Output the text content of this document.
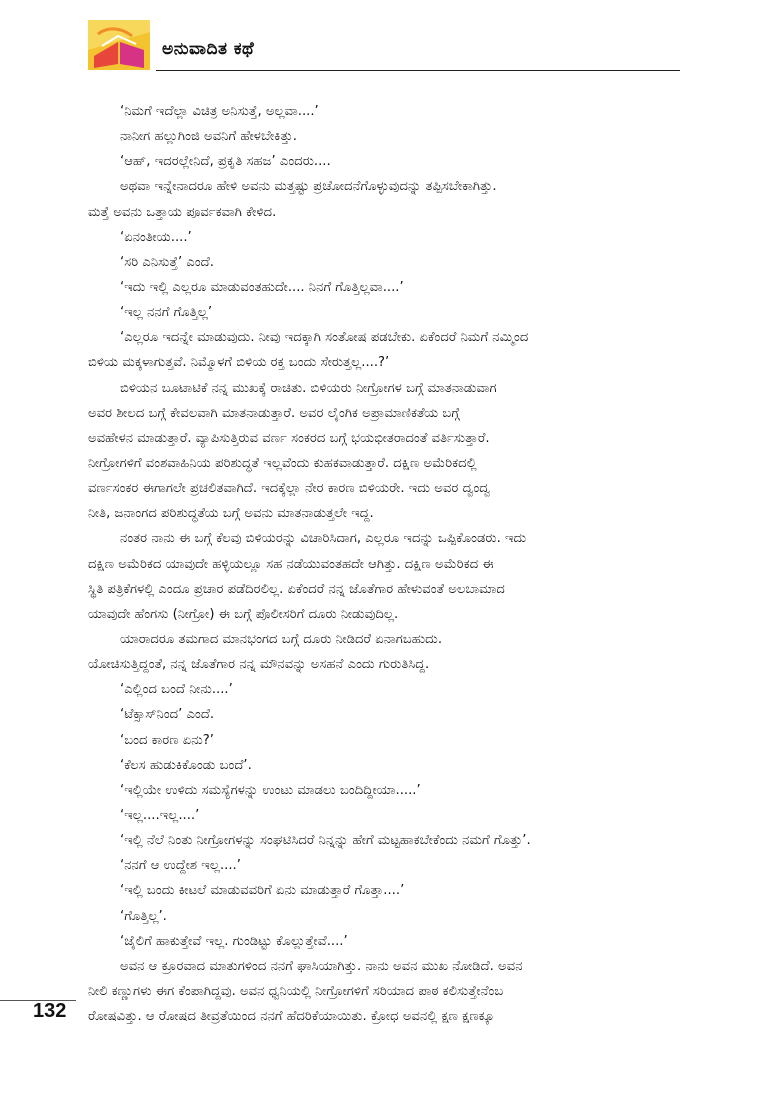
ಅನುವಾದಿತ ಕಥೆ
‘ನಿಮಗೆ ಇದೆಲ್ಲಾ ವಿಚಿತ್ರ ಅನಿಸುತ್ತೆ, ಅಲ್ಲವಾ....’
ನಾನೀಗ ಹಲ್ಲುಗಿಂಜಿ ಅವನಿಗೆ ಹೇಳಬೇಕಿತ್ತು.
‘ಆಹ್, ಇದರಲ್ಲೇನಿದೆ, ಪ್ರಕೃತಿ ಸಹಜ’ ಎಂದರು....
ಅಥವಾ ಇನ್ನೇನಾದರೂ ಹೇಳಿ ಅವನು ಮತ್ತಷ್ಟು ಪ್ರಚೋದನೆಗೊಳ್ಳುವುದನ್ನು ತಪ್ಪಿಸಬೇಕಾಗಿತ್ತು.
ಮತ್ತೆ ಅವನು ಒತ್ತಾಯ ಪೂರ್ವಕವಾಗಿ ಕೇಳಿದ.
‘ಏನಂತೀಯ....’
‘ಸರಿ ಎನಿಸುತ್ತೆ’ ಎಂದೆ.
‘ಇದು ಇಲ್ಲಿ ಎಲ್ಲರೂ ಮಾಡುವಂತಹುದೇ.... ನಿನಗೆ ಗೊತ್ತಿಲ್ಲವಾ....’
‘ಇಲ್ಲ ನನಗೆ ಗೊತ್ತಿಲ್ಲ’
‘ಎಲ್ಲರೂ ಇದನ್ನೇ ಮಾಡುವುದು. ನೀವು ಇದಕ್ಕಾಗಿ ಸಂತೋಷ ಪಡಬೇಕು. ಏಕೆಂದರೆ ನಿಮಗೆ ನಮ್ಮಿಂದ
ಬಿಳಿಯ ಮಕ್ಕಳಾಗುತ್ತವೆ. ನಿಮ್ಮೊಳಗೆ ಬಿಳಿಯ ರಕ್ತ ಬಂದು ಸೇರುತ್ತಲ್ಲ....?’
ಬಿಳಿಯನ ಬೂಟಾಟಿಕೆ ನನ್ನ ಮುಖಕ್ಕೆ ರಾಚಿತು. ಬಿಳಿಯರು ನೀಗ್ರೋಗಳ ಬಗ್ಗೆ ಮಾತನಾಡುವಾಗ
ಅವರ ಶೀಲದ ಬಗ್ಗೆ ಕೇವಲವಾಗಿ ಮಾತನಾಡುತ್ತಾರೆ. ಅವರ ಲೈಂಗಿಕ ಅಪ್ರಾಮಾಣಿಕತೆಯ ಬಗ್ಗೆ
ಅವಹೇಳನ ಮಾಡುತ್ತಾರೆ. ವ್ಯಾಪಿಸುತ್ತಿರುವ ವರ್ಣ ಸಂಕರದ ಬಗ್ಗೆ ಭಯಭೀತರಾದಂತೆ ವರ್ತಿಸುತ್ತಾರೆ.
ನೀಗ್ರೋಗಳಿಗೆ ವಂಶವಾಹಿನಿಯ ಪರಿಶುದ್ಧತೆ ಇಲ್ಲವೆಂದು ಕುಹಕವಾಡುತ್ತಾರೆ. ದಕ್ಷಿಣ ಅಮೆರಿಕದಲ್ಲಿ
ವರ್ಣಸಂಕರ ಈಗಾಗಲೇ ಪ್ರಚಲಿತವಾಗಿದೆ. ಇದಕ್ಕೆಲ್ಲಾ ನೇರ ಕಾರಣ ಬಿಳಿಯರೇ. ಇದು ಅವರ ದ್ವಂದ್ವ
ನೀತಿ, ಜನಾಂಗದ ಪರಿಶುದ್ಧತೆಯ ಬಗ್ಗೆ ಅವನು ಮಾತನಾಡುತ್ತಲೇ ಇದ್ದ.
ನಂತರ ನಾನು ಈ ಬಗ್ಗೆ ಕೆಲವು ಬಿಳಿಯರನ್ನು ವಿಚಾರಿಸಿದಾಗ, ಎಲ್ಲರೂ ಇದನ್ನು ಒಪ್ಪಿಕೊಂಡರು. ಇದು
ದಕ್ಷಿಣ ಅಮೆರಿಕದ ಯಾವುದೇ ಹಳ್ಳಿಯಲ್ಲೂ ಸಹ ನಡೆಯುವಂತಹದೇ ಆಗಿತ್ತು. ದಕ್ಷಿಣ ಅಮೆರಿಕದ ಈ
ಸ್ಥಿತಿ ಪತ್ರಿಕೆಗಳಲ್ಲಿ ಎಂದೂ ಪ್ರಚಾರ ಪಡೆದಿರಲಿಲ್ಲ. ಏಕೆಂದರೆ ನನ್ನ ಜೊತೆಗಾರ ಹೇಳುವಂತೆ ಅಲಬಾಮಾದ
ಯಾವುದೇ ಹೆಂಗಸು (ನೀಗ್ರೋ) ಈ ಬಗ್ಗೆ ಪೊಲೀಸರಿಗೆ ದೂರು ನೀಡುವುದಿಲ್ಲ.
ಯಾರಾದರೂ ತಮಗಾದ ಮಾನಭಂಗದ ಬಗ್ಗೆ ದೂರು ನೀಡಿದರೆ ಏನಾಗಬಹುದು.
ಯೋಚಿಸುತ್ತಿದ್ದಂತೆ, ನನ್ನ ಜೊತೆಗಾರ ನನ್ನ ಮೌನವನ್ನು ಅಸಹನೆ ಎಂದು ಗುರುತಿಸಿದ್ದ.
‘ಎಲ್ಲಿಂದ ಬಂದೆ ನೀನು....’
‘ಟೆಕ್ಸಾಸ್‌ನಿಂದ’ ಎಂದೆ.
‘ಬಂದ ಕಾರಣ ಏನು?’
‘ಕೆಲಸ ಹುಡುಕಿಕೊಂಡು ಬಂದೆ’.
‘ಇಲ್ಲಿಯೇ ಉಳಿದು ಸಮಸ್ಯೆಗಳನ್ನು ಉಂಟು ಮಾಡಲು ಬಂದಿದ್ದೀಯಾ.....’
‘ಇಲ್ಲ....ಇಲ್ಲ....’
‘ಇಲ್ಲಿ ನೆಲೆ ನಿಂತು ನೀಗ್ರೋಗಳನ್ನು ಸಂಘಟಿಸಿದರೆ ನಿನ್ನನ್ನು ಹೇಗೆ ಮಟ್ಟಹಾಕಬೇಕೆಂದು ನಮಗೆ ಗೊತ್ತು’.
‘ನನಗೆ ಆ ಉದ್ದೇಶ ಇಲ್ಲ....’
‘ಇಲ್ಲಿ ಬಂದು ಕೀಟಲೆ ಮಾಡುವವರಿಗೆ ಏನು ಮಾಡುತ್ತಾರೆ ಗೊತ್ತಾ....’
‘ಗೊತ್ತಿಲ್ಲ’.
‘ಜೈಲಿಗೆ ಹಾಕುತ್ತೇವೆ ಇಲ್ಲ. ಗುಂಡಿಟ್ಟು ಕೊಲ್ಲುತ್ತೇವೆ....’
ಅವನ ಆ ಕ್ರೂರವಾದ ಮಾತುಗಳಿಂದ ನನಗೆ ಘಾಸಿಯಾಗಿತ್ತು. ನಾನು ಅವನ ಮುಖ ನೋಡಿದೆ. ಅವನ
ನೀಲಿ ಕಣ್ಣುಗಳು ಈಗ ಕೆಂಪಾಗಿದ್ದವು. ಅವನ ಧ್ವನಿಯಲ್ಲಿ ನೀಗ್ರೋಗಳಿಗೆ ಸರಿಯಾದ ಪಾಠ ಕಲಿಸುತ್ತೇನೆಂಬ
ರೋಷವಿತ್ತು. ಆ ರೋಷದ ತೀವ್ರತೆಯಿಂದ ನನಗೆ ಹೆದರಿಕೆಯಾಯಿತು. ಕ್ರೋಧ ಅವನಲ್ಲಿ ಕ್ಷಣ ಕ್ಷಣಕ್ಕೂ
132
